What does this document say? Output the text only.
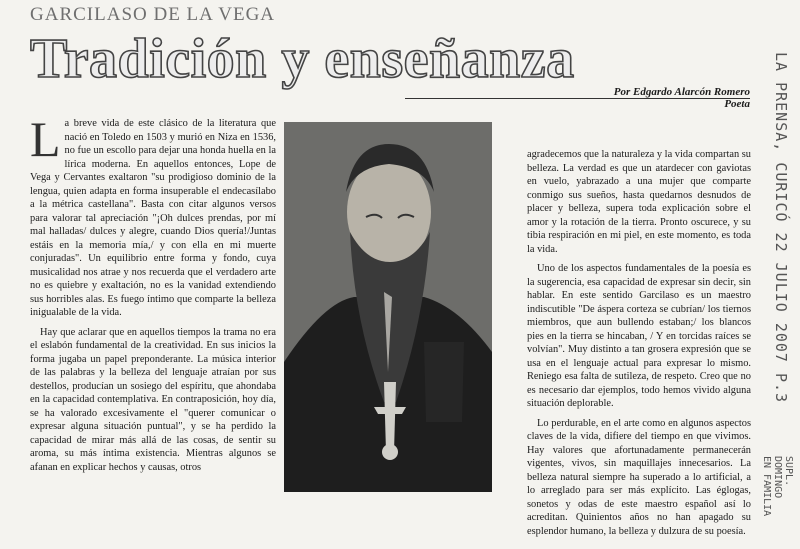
GARCILASO DE LA VEGA
Tradición y enseñanza
Por Edgardo Alarcón Romero
Poeta

La breve vida de este clásico de la literatura que nació en Toledo en 1503 y murió en Niza en 1536, no fue un escollo para dejar una honda huella en la lírica moderna. En aquellos entonces, Lope de Vega y Cervantes exaltaron "su prodigioso dominio de la lengua, quien adapta en forma insuperable el endecasílabo a la métrica castellana". Basta con citar algunos versos para valorar tal apreciación "¡Oh dulces prendas, por mí mal halladas/ dulces y alegre, cuando Dios quería!/Juntas estáis en la memoria mía,/ y con ella en mi muerte conjuradas". Un equilibrio entre forma y fondo, cuya musicalidad nos atrae y nos recuerda que el verdadero arte no es quiebre y exaltación, no es la vanidad extendiendo sus horribles alas. Es fuego íntimo que comparte la belleza inigualable de la vida.

Hay que aclarar que en aquellos tiempos la trama no era el eslabón fundamental de la creatividad. En sus inicios la forma jugaba un papel preponderante. La música interior de las palabras y la belleza del lenguaje atraían por sus destellos, producían un sosiego del espíritu, que ahondaba en la capacidad contemplativa. En contraposición, hoy día, se ha valorado excesivamente el "querer comunicar o expresar alguna situación puntual", y se ha perdido la capacidad de mirar más allá de las cosas, de sentir su aroma, su más íntima existencia. Mientras algunos se afanan en explicar hechos y causas, otros

agradecemos que la naturaleza y la vida compartan su belleza. La verdad es que un atardecer con gaviotas en vuelo, yabrazado a una mujer que comparte conmigo sus sueños, hasta quedarnos desnudos de placer y belleza, supera toda explicación sobre el amor y la rotación de la tierra. Pronto oscurece, y su tibia respiración en mi piel, en este momento, es toda la vida.

Uno de los aspectos fundamentales de la poesía es la sugerencia, esa capacidad de expresar sin decir, sin hablar. En este sentido Garcilaso es un maestro indiscutible "De áspera corteza se cubrían/ los tiernos miembros, que aun bullendo estaban;/ los blancos pies en la tierra se hincaban, / Y en torcidas raíces se volvían". Muy distinto a tan grosera expresión que se usa en el lenguaje actual para expresar lo mismo. Reniego esa falta de sutileza, de respeto. Creo que no es necesario dar ejemplos, todo hemos vivido alguna situación deplorable.

Lo perdurable, en el arte como en algunos aspectos claves de la vida, difiere del tiempo en que vivimos. Hay valores que afortunadamente permanecerán vigentes, vivos, sin maquillajes innecesarios. La belleza natural siempre ha superado a lo artificial, a lo arreglado para ser más explícito. Las églogas, sonetos y odas de este maestro español así lo acreditan. Quinientos años no han apagado su esplendor humano, la belleza y dulzura de su poesía.

LA PRENSA, CURICÓ 22 JULIO 2007 P.3
SUPL.
DOMINGO
EN FAMILIA
